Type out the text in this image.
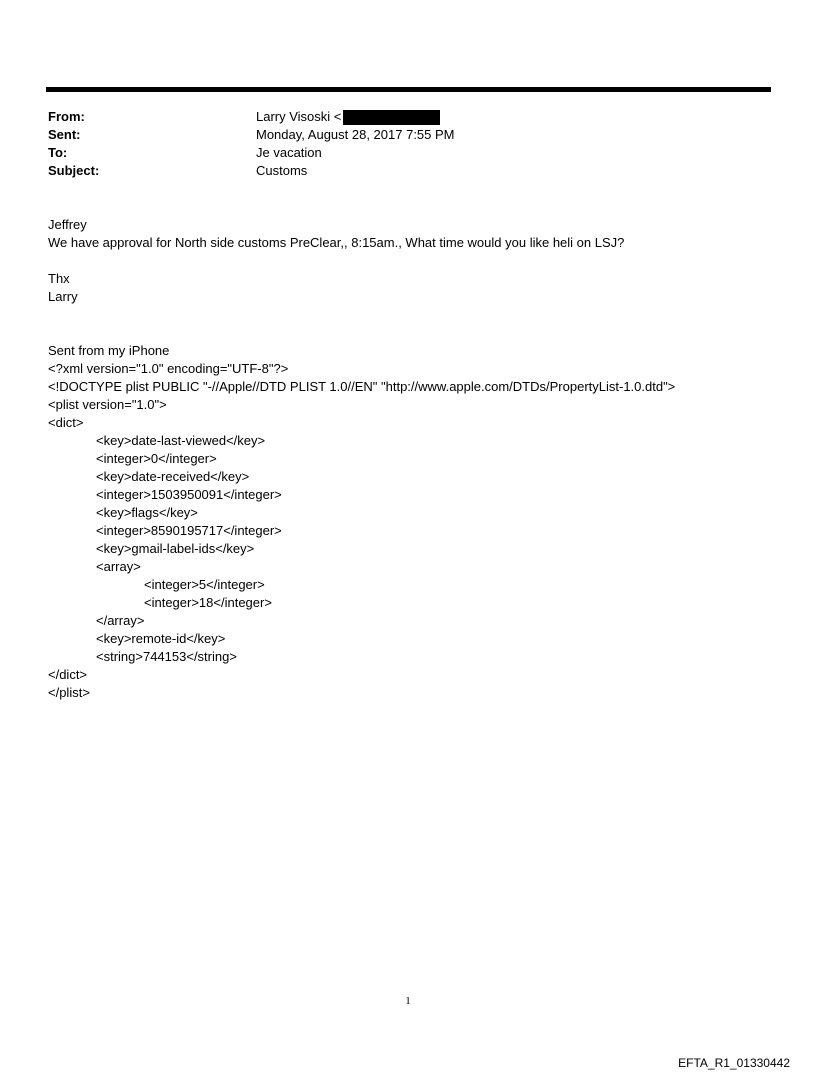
From:	Larry Visoski <
Sent:	Monday, August 28, 2017 7:55 PM
To:	Je vacation
Subject:	Customs
Jeffrey
We have approval for North side customs PreClear,, 8:15am., What time would you like heli on LSJ?
Thx
Larry
Sent from my iPhone
<?xml version="1.0" encoding="UTF-8"?>
<!DOCTYPE plist PUBLIC "-//Apple//DTD PLIST 1.0//EN" "http://www.apple.com/DTDs/PropertyList-1.0.dtd">
<plist version="1.0">
<dict>
<key>date-last-viewed</key>
<integer>0</integer>
<key>date-received</key>
<integer>1503950091</integer>
<key>flags</key>
<integer>8590195717</integer>
<key>gmail-label-ids</key>
<array>
<integer>5</integer>
<integer>18</integer>
</array>
<key>remote-id</key>
<string>744153</string>
</dict>
</plist>
1
EFTA_R1_01330442
